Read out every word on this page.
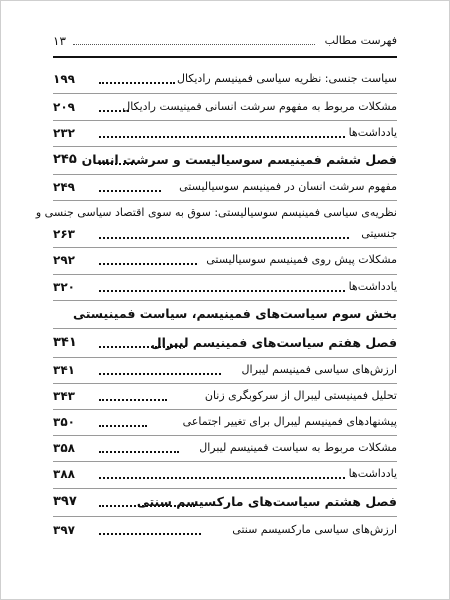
۱۳	فهرست مطالب
سیاست جنسی: نظریه سیاسی فمینیسم رادیکال
۱۹۹
مشکلات مربوط به مفهوم سرشت انسانی فمینیست رادیکال
۲۰۹
یادداشت‌ها
۲۳۲
فصل ششم فمینیسم سوسیالیست و سرشت انسان
۲۴۵
مفهوم سرشت انسان در فمینیسم سوسیالیستی
۲۴۹
نظریه‌ی سیاسی فمینیسم سوسیالیستی: سوق به سوی اقتصاد سیاسی جنسی و
جنسیتی
۲۶۳
مشکلات پیش روی فمینیسم سوسیالیستی
۲۹۲
یادداشت‌ها
۳۲۰
بخش سوم سیاست‌های فمینیسم، سیاست فمینیستی
فصل هفتم سیاست‌های فمینیسم لیبرال
۳۴۱
ارزش‌های سیاسی فمینیسم لیبرال
۳۴۱
تحلیل فمینیستی لیبرال از سرکوبگری زنان
۳۴۳
پیشنهادهای فمینیسم لیبرال برای تغییر اجتماعی
۳۵۰
مشکلات مربوط به سیاست فمینیسم لیبرال
۳۵۸
یادداشت‌ها
۳۸۸
فصل هشتم سیاست‌های مارکسیسم سنتی
۳۹۷
ارزش‌های سیاسی مارکسیسم سنتی
۳۹۷
